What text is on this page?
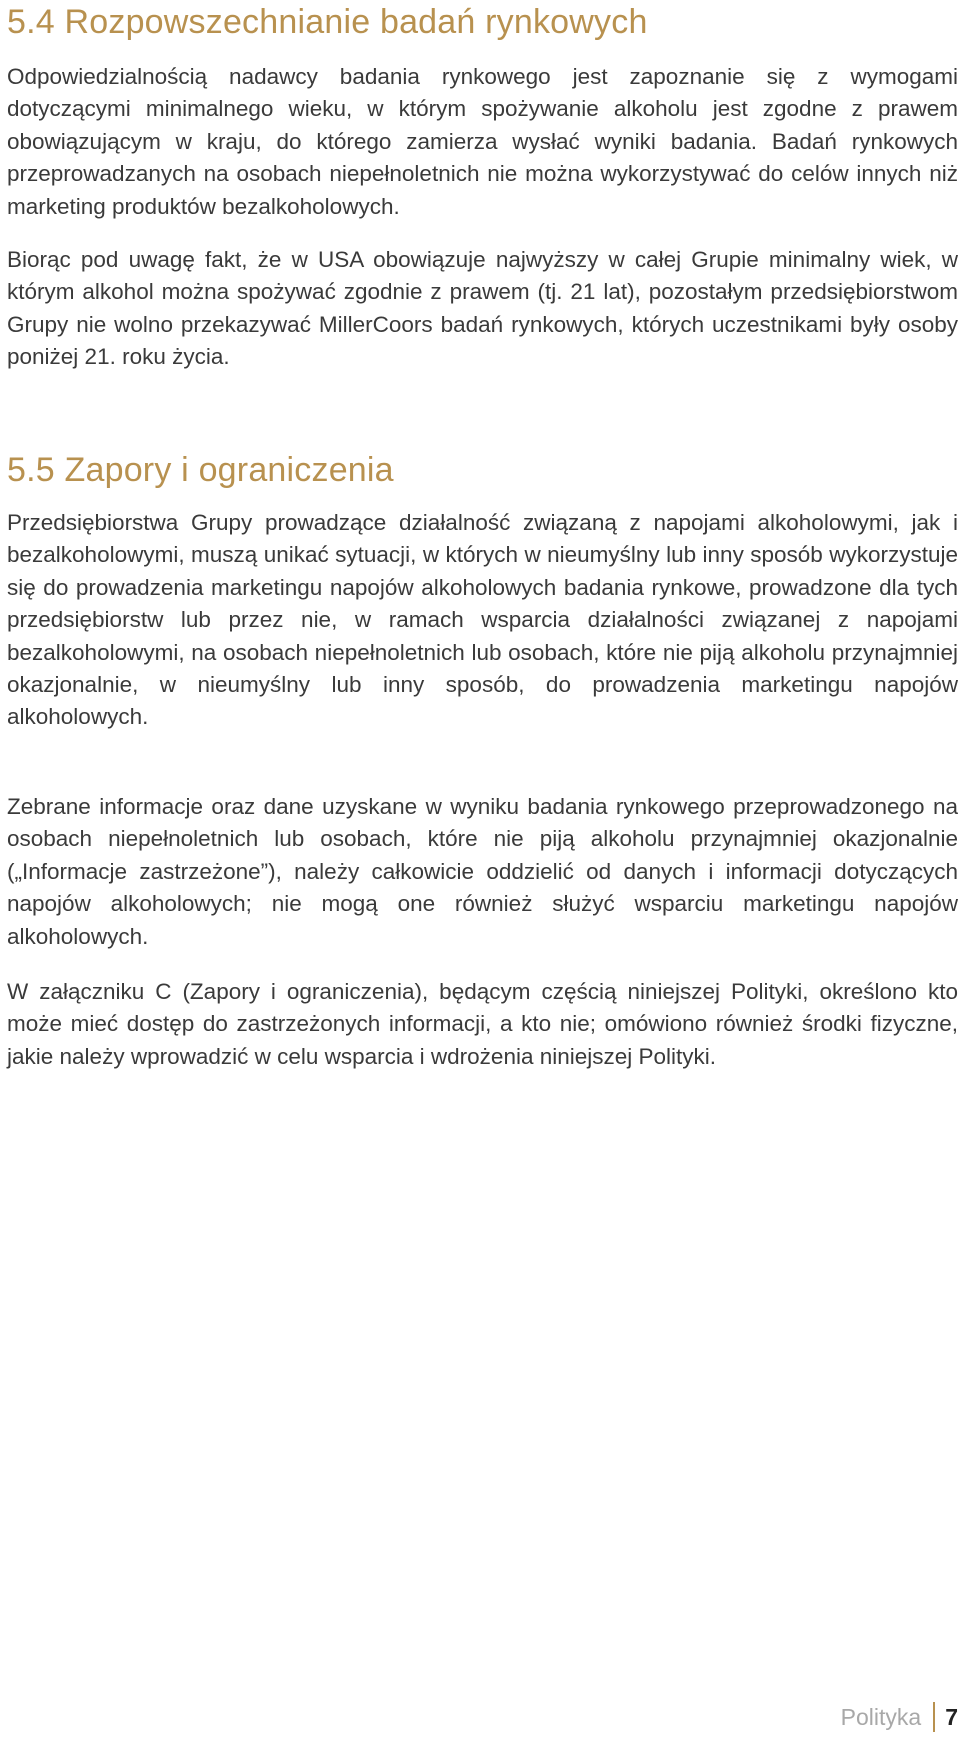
5.4 Rozpowszechnianie badań rynkowych

Odpowiedzialnością nadawcy badania rynkowego jest zapoznanie się z wymogami dotyczącymi minimalnego wieku, w którym spożywanie alkoholu jest zgodne z prawem obowiązującym w kraju, do którego zamierza wysłać wyniki badania. Badań rynkowych przeprowadzanych na osobach niepełnoletnich nie można wykorzystywać do celów innych niż marketing produktów bezalkoholowych.

Biorąc pod uwagę fakt, że w USA obowiązuje najwyższy w całej Grupie minimalny wiek, w którym alkohol można spożywać zgodnie z prawem (tj. 21 lat), pozostałym przedsiębiorstwom Grupy nie wolno przekazywać MillerCoors badań rynkowych, których uczestnikami były osoby poniżej 21. roku życia.

5.5 Zapory i ograniczenia

Przedsiębiorstwa Grupy prowadzące działalność związaną z napojami alkoholowymi, jak i bezalkoholowymi, muszą unikać sytuacji, w których w nieumyślny lub inny sposób wykorzystuje się do prowadzenia marketingu napojów alkoholowych badania rynkowe, prowadzone dla tych przedsiębiorstw lub przez nie, w ramach wsparcia działalności związanej z napojami bezalkoholowymi, na osobach niepełnoletnich lub osobach, które nie piją alkoholu przynajmniej okazjonalnie, w nieumyślny lub inny sposób, do prowadzenia marketingu napojów alkoholowych.

Zebrane informacje oraz dane uzyskane w wyniku badania rynkowego przeprowadzonego na osobach niepełnoletnich lub osobach, które nie piją alkoholu przynajmniej okazjonalnie („Informacje zastrzeżone”), należy całkowicie oddzielić od danych i informacji dotyczących napojów alkoholowych; nie mogą one również służyć wsparciu marketingu napojów alkoholowych.

W załączniku C (Zapory i ograniczenia), będącym częścią niniejszej Polityki, określono kto może mieć dostęp do zastrzeżonych informacji, a kto nie; omówiono również środki fizyczne, jakie należy wprowadzić w celu wsparcia i wdrożenia niniejszej Polityki.

Polityka 7
